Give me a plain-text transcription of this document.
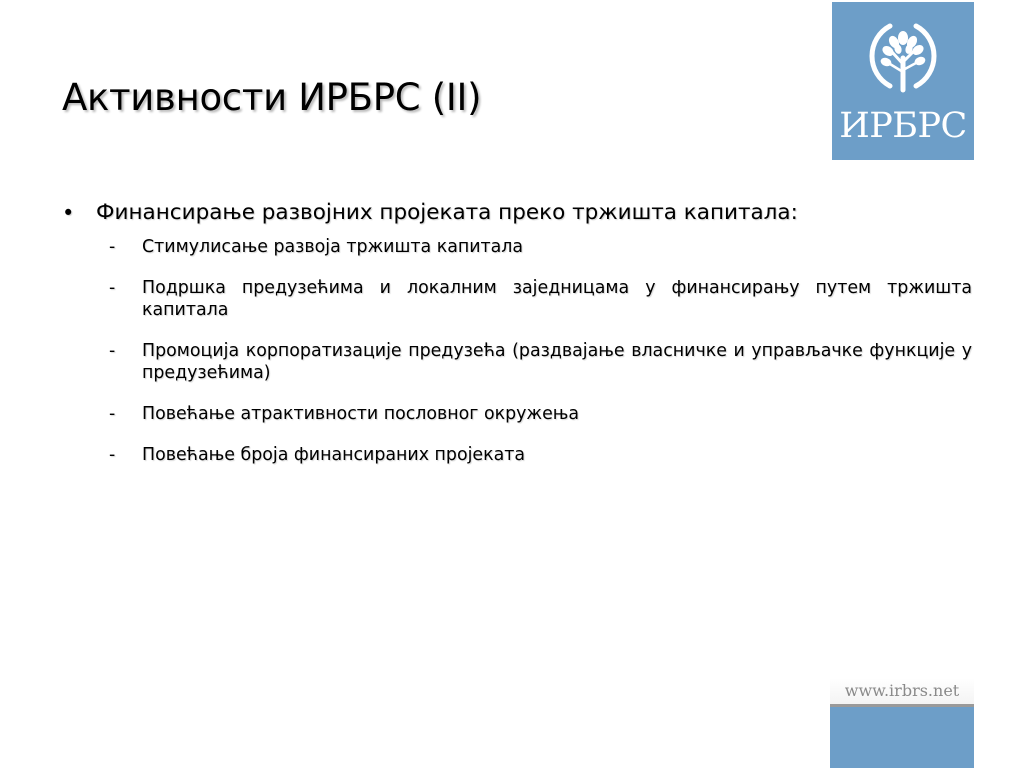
Активности ИРБРС (II)
ИРБРС
•	Финансирање развојних пројеката преко тржишта капитала:
-	Стимулисање развоја тржишта капитала
-	Подршка предузећима и локалним заједницама у финансирању путем тржишта капитала
-	Промоција корпоратизације предузећа (раздвајање власничке и управљачке функције у предузећима)
-	Повећање атрактивности пословног окружења
-	Повећање броја финансираних пројеката
www.irbrs.net
